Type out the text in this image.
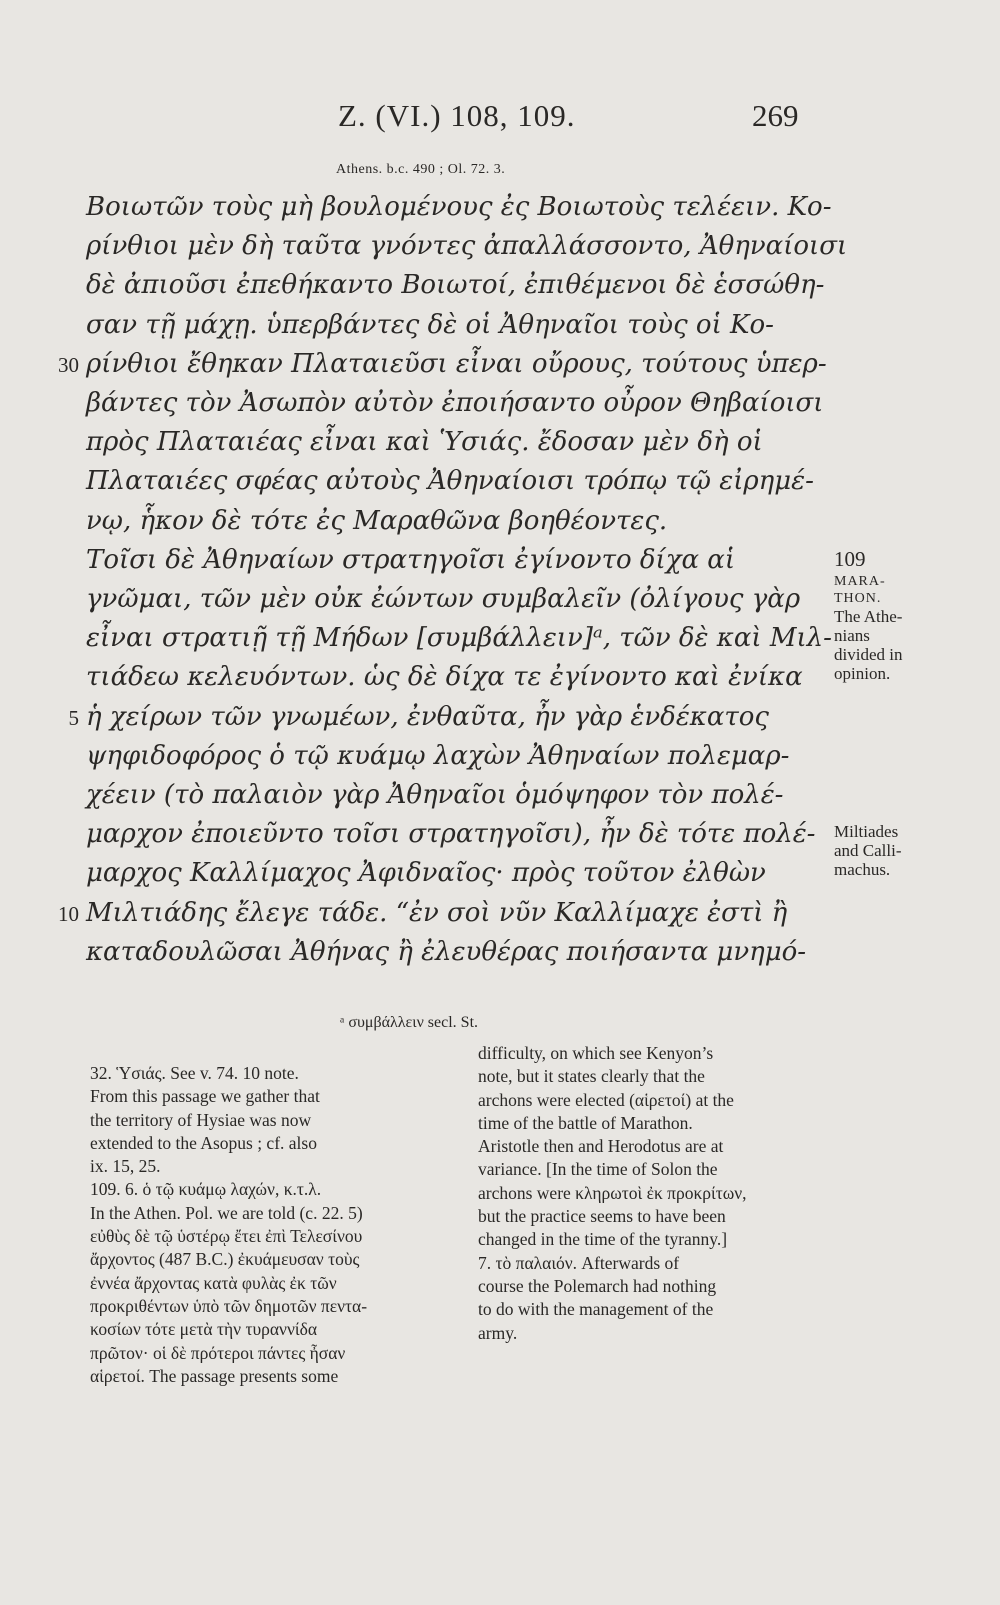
Z. (VI.) 108, 109.	269
Athens. b.c. 490 ; Ol. 72. 3.
Βοιωτῶν τοὺς μὴ βουλομένους ἐς Βοιωτοὺς τελέειν. Κο-
ρίνθιοι μὲν δὴ ταῦτα γνόντες ἀπαλλάσσοντο, Ἀθηναίοισι
δὲ ἀπιοῦσι ἐπεθήκαντο Βοιωτοί, ἐπιθέμενοι δὲ ἑσσώθη-
σαν τῇ μάχῃ. ὑπερβάντες δὲ οἱ Ἀθηναῖοι τοὺς οἱ Κο-
30 ρίνθιοι ἔθηκαν Πλαταιεῦσι εἶναι οὔρους, τούτους ὑπερ-
βάντες τὸν Ἀσωπὸν αὐτὸν ἐποιήσαντο οὖρον Θηβαίοισι
πρὸς Πλαταιέας εἶναι καὶ Ὑσιάς. ἔδοσαν μὲν δὴ οἱ
Πλαταιέες σφέας αὐτοὺς Ἀθηναίοισι τρόπῳ τῷ εἰρημέ-
νῳ, ἧκον δὲ τότε ἐς Μαραθῶνα βοηθέοντες.
Τοῖσι δὲ Ἀθηναίων στρατηγοῖσι ἐγίνοντο δίχα αἱ
γνῶμαι, τῶν μὲν οὐκ ἐώντων συμβαλεῖν (ὀλίγους γὰρ
εἶναι στρατιῇ τῇ Μήδων [συμβάλλειν]ᵃ, τῶν δὲ καὶ Μιλ-
τιάδεω κελευόντων. ὡς δὲ δίχα τε ἐγίνοντο καὶ ἐνίκα
5 ἡ χείρων τῶν γνωμέων, ἐνθαῦτα, ἦν γὰρ ἑνδέκατος
ψηφιδοφόρος ὁ τῷ κυάμῳ λαχὼν Ἀθηναίων πολεμαρ-
χέειν (τὸ παλαιὸν γὰρ Ἀθηναῖοι ὁμόψηφον τὸν πολέ-
μαρχον ἐποιεῦντο τοῖσι στρατηγοῖσι), ἦν δὲ τότε πολέ-
μαρχος Καλλίμαχος Ἀφιδναῖος· πρὸς τοῦτον ἐλθὼν
10 Μιλτιάδης ἔλεγε τάδε. “ἐν σοὶ νῦν Καλλίμαχε ἐστὶ ἢ
καταδουλῶσαι Ἀθήνας ἢ ἐλευθέρας ποιήσαντα μνημό-
109
MARA-
THON.
The Athe-
nians
divided in
opinion.
Miltiades
and Calli-
machus.
ᵃ συμβάλλειν secl. St.
32. Ὑσιάς. See v. 74. 10 note.
From this passage we gather that
the territory of Hysiae was now
extended to the Asopus ; cf. also
ix. 15, 25.
109. 6. ὁ τῷ κυάμῳ λαχών, κ.τ.λ.
In the Athen. Pol. we are told (c. 22. 5)
εὐθὺς δὲ τῷ ὑστέρῳ ἔτει ἐπὶ Τελεσίνου
ἄρχοντος (487 B.C.) ἐκυάμευσαν τοὺς
ἐννέα ἄρχοντας κατὰ φυλὰς ἐκ τῶν
προκριθέντων ὑπὸ τῶν δημοτῶν πεντα-
κοσίων τότε μετὰ τὴν τυραννίδα
πρῶτον· οἱ δὲ πρότεροι πάντες ἦσαν
αἱρετοί. The passage presents some
difficulty, on which see Kenyon’s
note, but it states clearly that the
archons were elected (αἱρετοί) at the
time of the battle of Marathon.
Aristotle then and Herodotus are at
variance. [In the time of Solon the
archons were κληρωτοὶ ἐκ προκρίτων,
but the practice seems to have been
changed in the time of the tyranny.]
7. τὸ παλαιόν. Afterwards of
course the Polemarch had nothing
to do with the management of the
army.
